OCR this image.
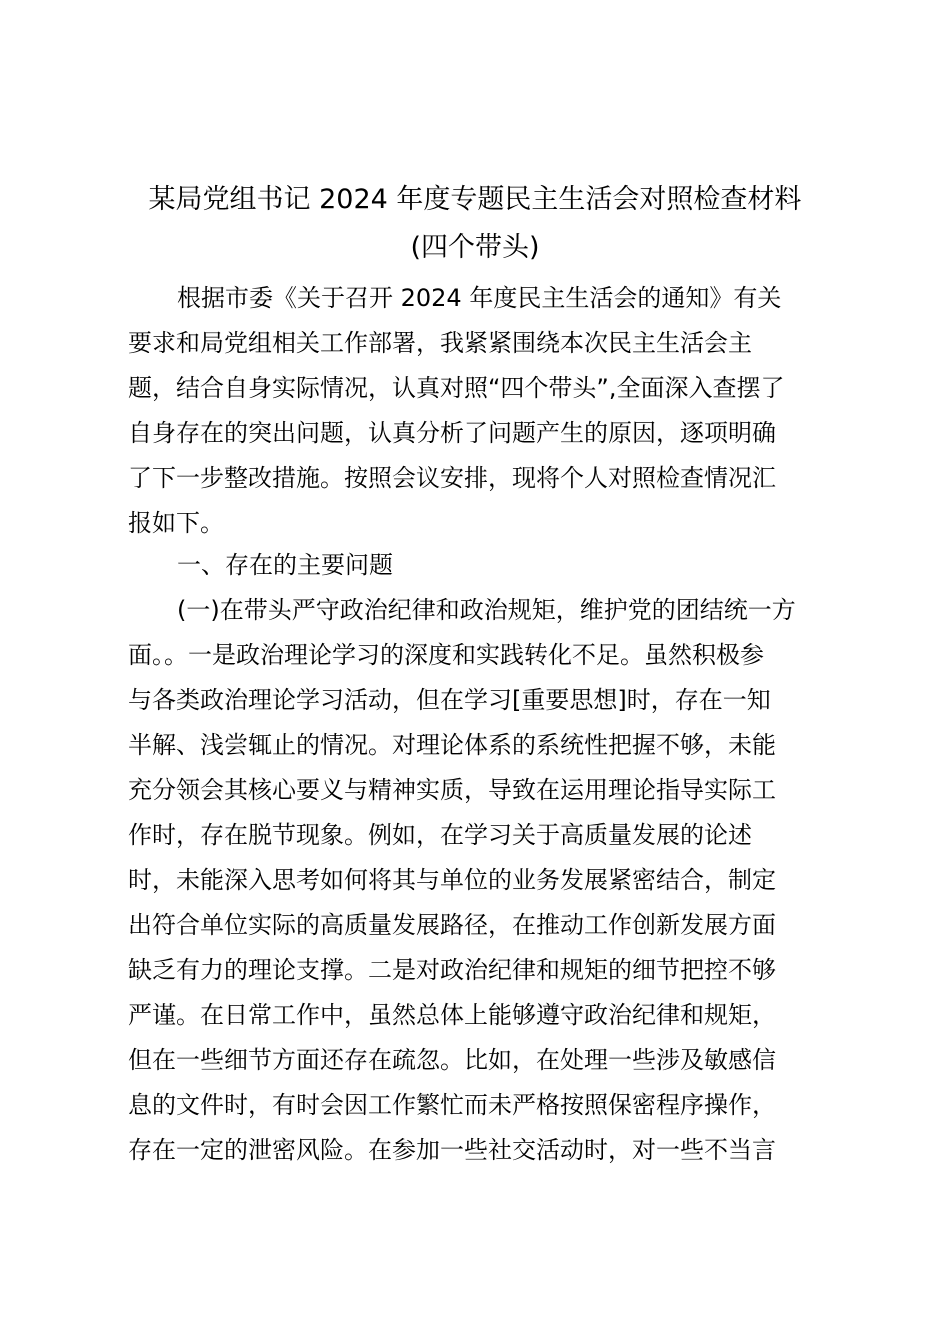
某局党组书记 2024 年度专题民主生活会对照检查材料
(四个带头)
根据市委《关于召开 2024 年度民主生活会的通知》有关
要求和局党组相关工作部署，我紧紧围绕本次民主生活会主
题，结合自身实际情况，认真对照“四个带头”,全面深入查摆了
自身存在的突出问题，认真分析了问题产生的原因，逐项明确
了下一步整改措施。按照会议安排，现将个人对照检查情况汇
报如下。
一、存在的主要问题
(一)在带头严守政治纪律和政治规矩，维护党的团结统一方
面。。一是政治理论学习的深度和实践转化不足。虽然积极参
与各类政治理论学习活动，但在学习[重要思想]时，存在一知
半解、浅尝辄止的情况。对理论体系的系统性把握不够，未能
充分领会其核心要义与精神实质，导致在运用理论指导实际工
作时，存在脱节现象。例如，在学习关于高质量发展的论述
时，未能深入思考如何将其与单位的业务发展紧密结合，制定
出符合单位实际的高质量发展路径，在推动工作创新发展方面
缺乏有力的理论支撑。二是对政治纪律和规矩的细节把控不够
严谨。在日常工作中，虽然总体上能够遵守政治纪律和规矩，
但在一些细节方面还存在疏忽。比如，在处理一些涉及敏感信
息的文件时，有时会因工作繁忙而未严格按照保密程序操作，
存在一定的泄密风险。在参加一些社交活动时，对一些不当言
